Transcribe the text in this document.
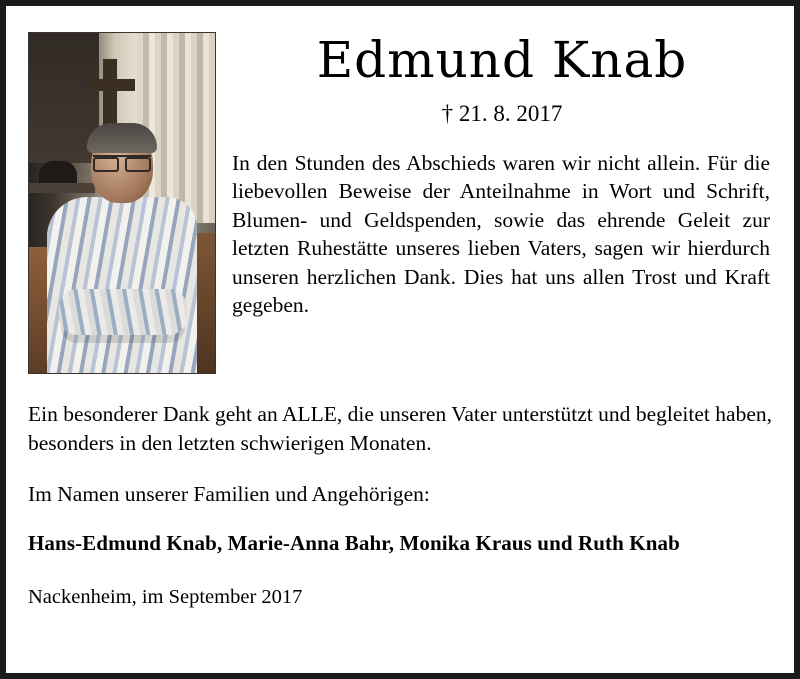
Edmund Knab
† 21. 8. 2017

In den Stunden des Abschieds waren wir nicht allein. Für die liebevollen Beweise der Anteilnahme in Wort und Schrift, Blumen- und Geldspenden, sowie das ehrende Geleit zur letzten Ruhestätte unseres lieben Vaters, sagen wir hierdurch unseren herzlichen Dank. Dies hat uns allen Trost und Kraft gegeben.

Ein besonderer Dank geht an ALLE, die unseren Vater unterstützt und begleitet haben, besonders in den letzten schwierigen Monaten.

Im Namen unserer Familien und Angehörigen:

Hans-Edmund Knab, Marie-Anna Bahr, Monika Kraus und Ruth Knab

Nackenheim, im September 2017
